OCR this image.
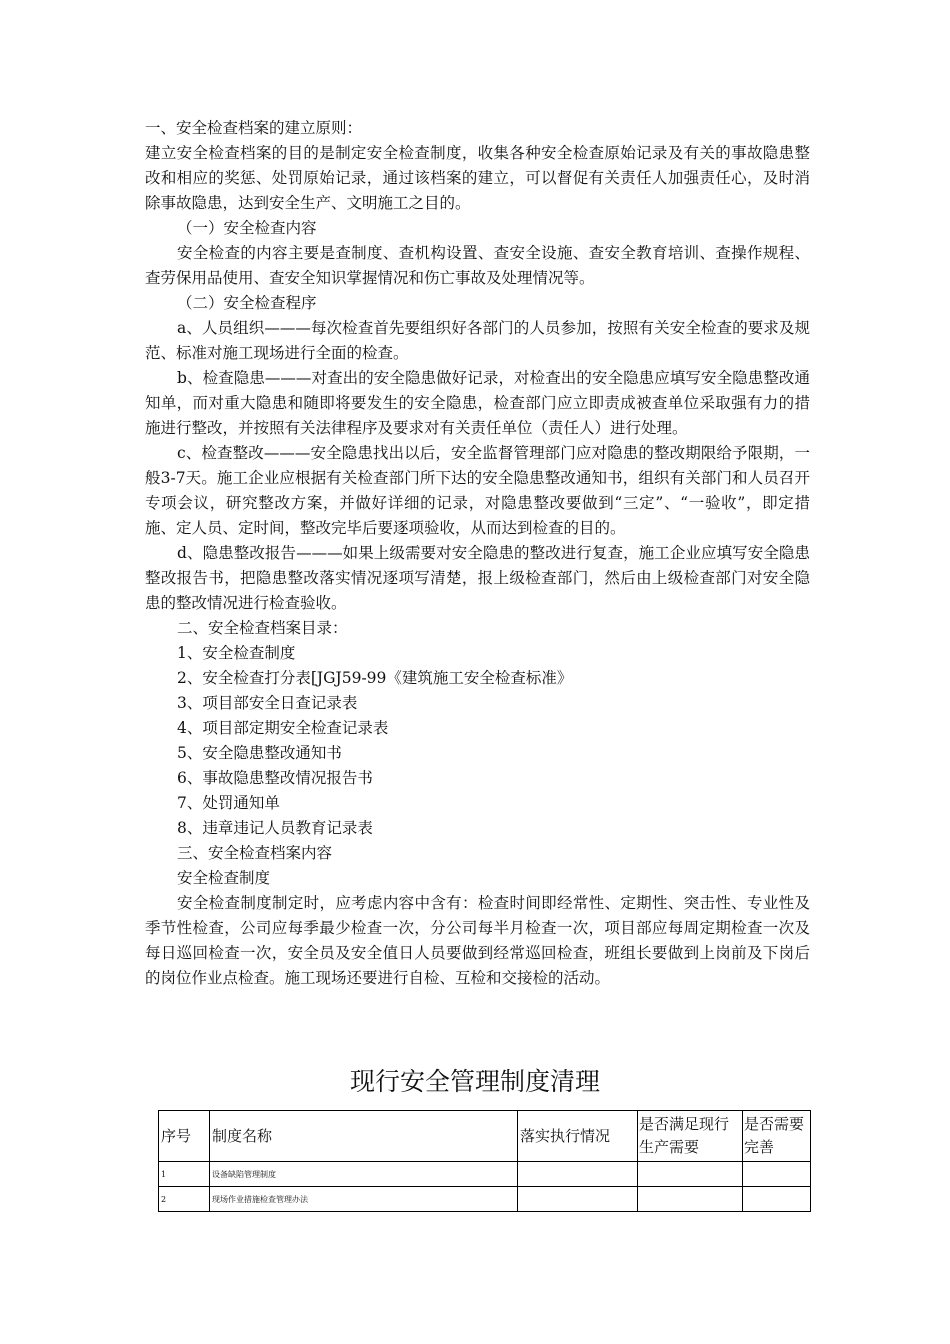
一、安全检查档案的建立原则：

建立安全检查档案的目的是制定安全检查制度，收集各种安全检查原始记录及有关的事故隐患整改和相应的奖惩、处罚原始记录，通过该档案的建立，可以督促有关责任人加强责任心，及时消除事故隐患，达到安全生产、文明施工之目的。

（一）安全检查内容

安全检查的内容主要是查制度、查机构设置、查安全设施、查安全教育培训、查操作规程、查劳保用品使用、查安全知识掌握情况和伤亡事故及处理情况等。

（二）安全检查程序

a、人员组织———每次检查首先要组织好各部门的人员参加，按照有关安全检查的要求及规范、标准对施工现场进行全面的检查。

b、检查隐患———对查出的安全隐患做好记录，对检查出的安全隐患应填写安全隐患整改通知单，而对重大隐患和随即将要发生的安全隐患，检查部门应立即责成被查单位采取强有力的措施进行整改，并按照有关法律程序及要求对有关责任单位（责任人）进行处理。

c、检查整改———安全隐患找出以后，安全监督管理部门应对隐患的整改期限给予限期，一般3-7天。施工企业应根据有关检查部门所下达的安全隐患整改通知书，组织有关部门和人员召开专项会议，研究整改方案，并做好详细的记录，对隐患整改要做到“三定”、“一验收”，即定措施、定人员、定时间，整改完毕后要逐项验收，从而达到检查的目的。

d、隐患整改报告———如果上级需要对安全隐患的整改进行复查，施工企业应填写安全隐患整改报告书，把隐患整改落实情况逐项写清楚，报上级检查部门，然后由上级检查部门对安全隐患的整改情况进行检查验收。

二、安全检查档案目录：

1、安全检查制度

2、安全检查打分表[JGJ59-99《建筑施工安全检查标准》

3、项目部安全日查记录表

4、项目部定期安全检查记录表

5、安全隐患整改通知书

6、事故隐患整改情况报告书

7、处罚通知单

8、违章违记人员教育记录表

三、安全检查档案内容

安全检查制度

安全检查制度制定时，应考虑内容中含有：检查时间即经常性、定期性、突击性、专业性及季节性检查，公司应每季最少检查一次，分公司每半月检查一次，项目部应每周定期检查一次及每日巡回检查一次，安全员及安全值日人员要做到经常巡回检查，班组长要做到上岗前及下岗后的岗位作业点检查。施工现场还要进行自检、互检和交接检的活动。

现行安全管理制度清理
序号	制度名称	落实执行情况	是否满足现行生产需要	是否需要完善
1	设备缺陷管理制度			
2	现场作业措施检查管理办法			
